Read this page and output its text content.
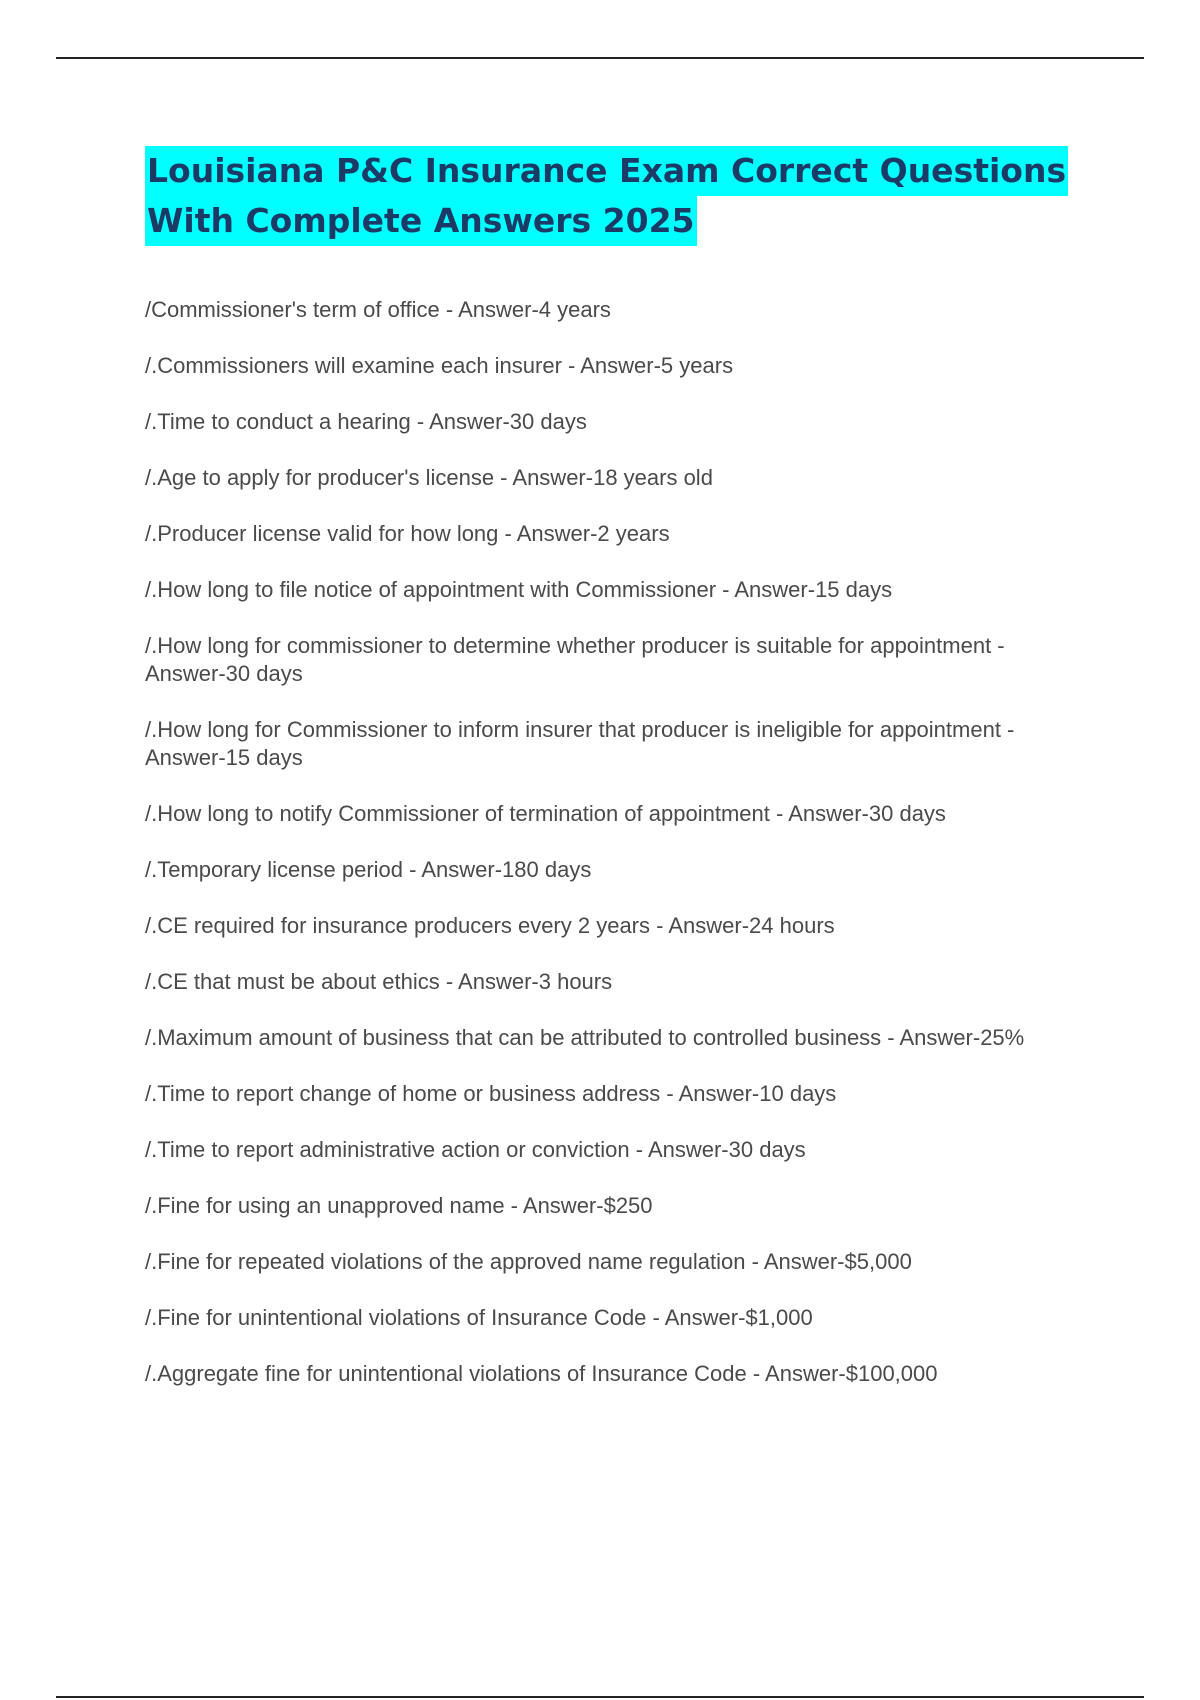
Louisiana P&C Insurance Exam Correct Questions
With Complete Answers 2025
/Commissioner's term of office - Answer-4 years
/.Commissioners will examine each insurer - Answer-5 years
/.Time to conduct a hearing - Answer-30 days
/.Age to apply for producer's license - Answer-18 years old
/.Producer license valid for how long - Answer-2 years
/.How long to file notice of appointment with Commissioner - Answer-15 days
/.How long for commissioner to determine whether producer is suitable for appointment - Answer-30 days
/.How long for Commissioner to inform insurer that producer is ineligible for appointment - Answer-15 days
/.How long to notify Commissioner of termination of appointment - Answer-30 days
/.Temporary license period - Answer-180 days
/.CE required for insurance producers every 2 years - Answer-24 hours
/.CE that must be about ethics - Answer-3 hours
/.Maximum amount of business that can be attributed to controlled business - Answer-25%
/.Time to report change of home or business address - Answer-10 days
/.Time to report administrative action or conviction - Answer-30 days
/.Fine for using an unapproved name - Answer-$250
/.Fine for repeated violations of the approved name regulation - Answer-$5,000
/.Fine for unintentional violations of Insurance Code - Answer-$1,000
/.Aggregate fine for unintentional violations of Insurance Code - Answer-$100,000
